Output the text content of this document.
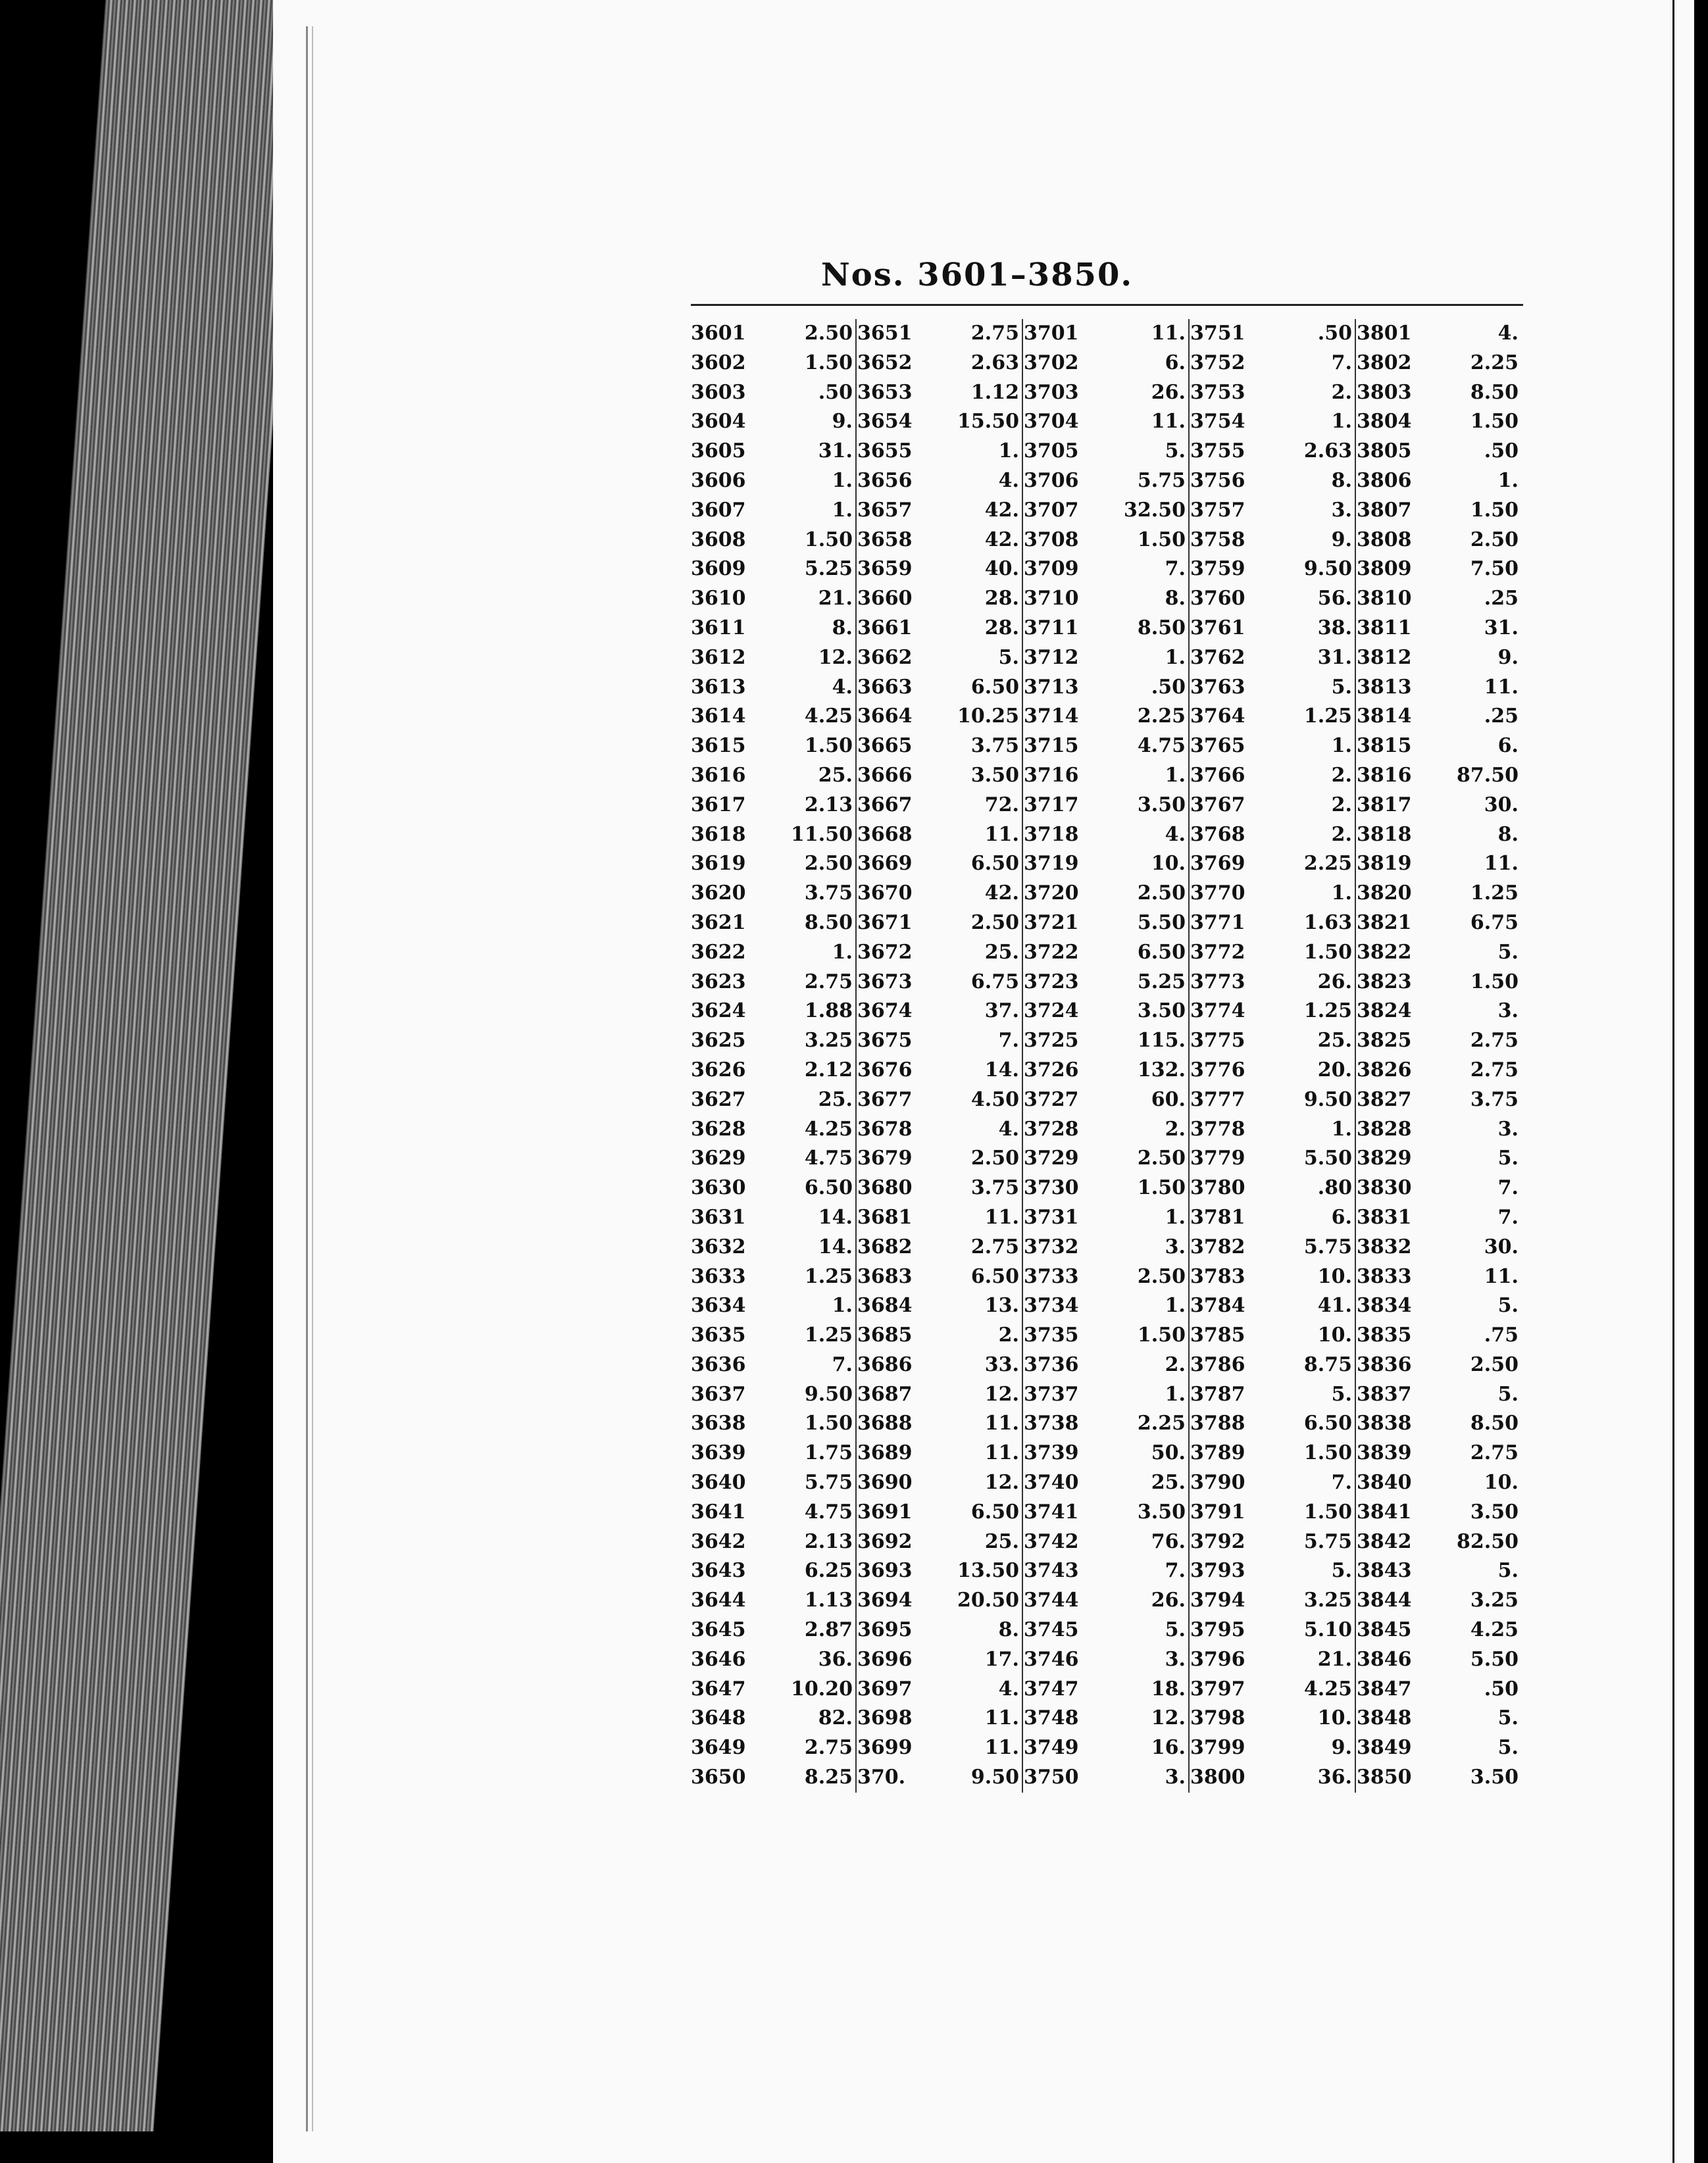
Nos. 3601–3850.
3601	2.50
3602	1.50
3603	.50
3604	9.
3605	31.
3606	1.
3607	1.
3608	1.50
3609	5.25
3610	21.
3611	8.
3612	12.
3613	4.
3614	4.25
3615	1.50
3616	25.
3617	2.13
3618 11.50
3619	2.50
3620	3.75
3621	8.50
3622	1.
3623	2.75
3624	1.88
3625	3.25
3626	2.12
3627	25.
3628	4.25
3629	4.75
3630	6.50
3631	14.
3632	14.
3633	1.25
3634	1.
3635	1.25
3636	7.
3637	9.50
3638	1.50
3639	1.75
3640	5.75
3641	4.75
3642	2.13
3643	6.25
3644	1.13
3645	2.87
3646	36.
3647 10.20
3648	82.
3649	2.75
3650	8.25
3651	2.75
3652	2.63
3653	1.12
3654 15.50
3655	1.
3656	4.
3657	42.
3658	42.
3659	40.
3660	28.
3661	28.
3662	5.
3663	6.50
3664 10.25
3665	3.75
3666	3.50
3667	72.
3668	11.
3669	6.50
3670	42.
3671	2.50
3672	25.
3673	6.75
3674	37.
3675	7.
3676	14.
3677	4.50
3678	4.
3679	2.50
3680	3.75
3681	11.
3682	2.75
3683	6.50
3684	13.
3685	2.
3686	33.
3687	12.
3688	11.
3689	11.
3690	12.
3691	6.50
3692	25.
3693 13.50
3694 20.50
3695	8.
3696	17.
3697	4.
3698	11.
3699	11.
370.	9.50
3701	11.
3702	6.
3703	26.
3704	11.
3705	5.
3706	5.75
3707 32.50
3708	1.50
3709	7.
3710	8.
3711	8.50
3712	1.
3713	.50
3714	2.25
3715	4.75
3716	1.
3717	3.50
3718	4.
3719	10.
3720	2.50
3721	5.50
3722	6.50
3723	5.25
3724	3.50
3725	115.
3726	132.
3727	60.
3728	2.
3729	2.50
3730	1.50
3731	1.
3732	3.
3733	2.50
3734	1.
3735	1.50
3736	2.
3737	1.
3738	2.25
3739	50.
3740	25.
3741	3.50
3742	76.
3743	7.
3744	26.
3745	5.
3746	3.
3747	18.
3748	12.
3749	16.
3750	3.
3751	.50
3752	7.
3753	2.
3754	1.
3755	2.63
3756	8.
3757	3.
3758	9.
3759	9.50
3760	56.
3761	38.
3762	31.
3763	5.
3764	1.25
3765	1.
3766	2.
3767	2.
3768	2.
3769	2.25
3770	1.
3771	1.63
3772	1.50
3773	26.
3774	1.25
3775	25.
3776	20.
3777	9.50
3778	1.
3779	5.50
3780	.80
3781	6.
3782	5.75
3783	10.
3784	41.
3785	10.
3786	8.75
3787	5.
3788	6.50
3789	1.50
3790	7.
3791	1.50
3792	5.75
3793	5.
3794	3.25
3795	5.10
3796	21.
3797	4.25
3798	10.
3799	9.
3800	36.
3801	4.
3802	2.25
3803	8.50
3804	1.50
3805	.50
3806	1.
3807	1.50
3808	2.50
3809	7.50
3810	.25
3811	31.
3812	9.
3813	11.
3814	.25
3815	6.
3816 87.50
3817	30.
3818	8.
3819	11.
3820	1.25
3821	6.75
3822	5.
3823	1.50
3824	3.
3825	2.75
3826	2.75
3827	3.75
3828	3.
3829	5.
3830	7.
3831	7.
3832	30.
3833	11.
3834	5.
3835	.75
3836	2.50
3837	5.
3838	8.50
3839	2.75
3840	10.
3841	3.50
3842 82.50
3843	5.
3844	3.25
3845	4.25
3846	5.50
3847	.50
3848	5.
3849	5.
3850	3.50
